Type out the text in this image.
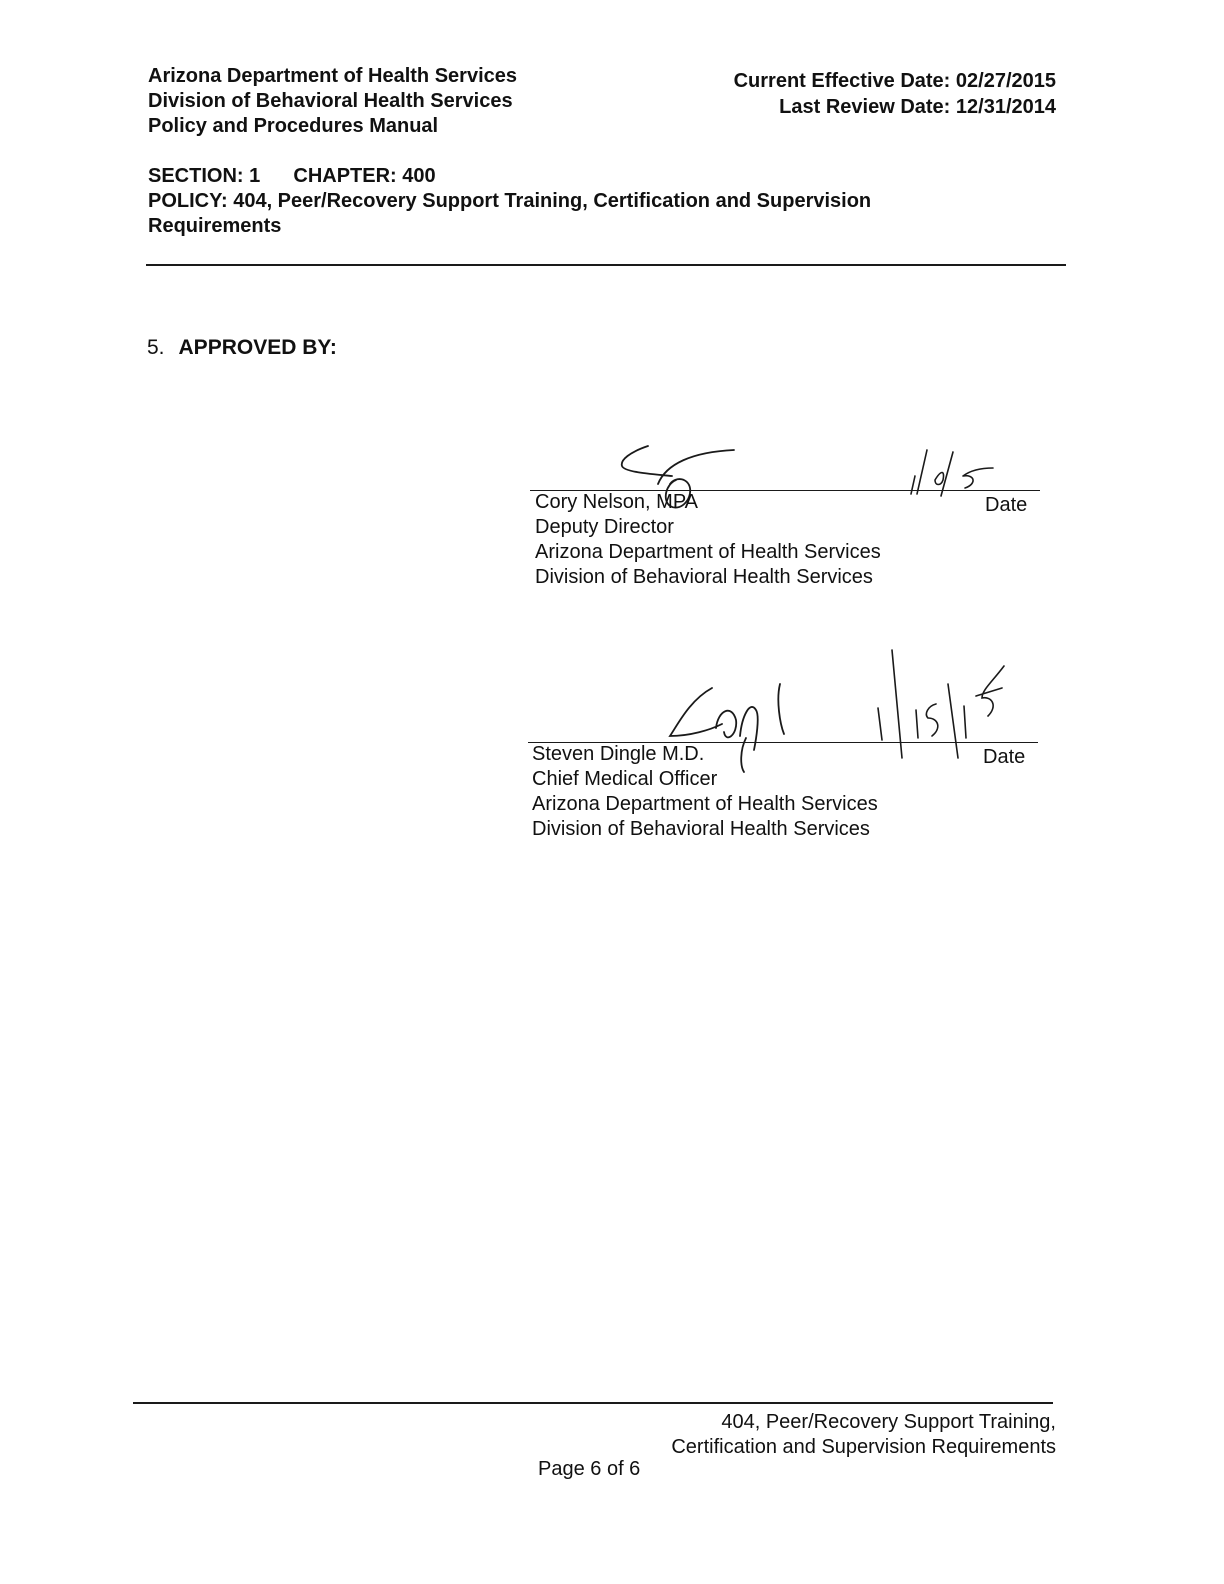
Arizona Department of Health Services
Division of Behavioral Health Services
Policy and Procedures Manual
Current Effective Date: 02/27/2015
Last Review Date: 12/31/2014
SECTION: 1 CHAPTER: 400
POLICY: 404, Peer/Recovery Support Training, Certification and Supervision
Requirements
5. APPROVED BY:
Date
Cory Nelson, MPA
Deputy Director
Arizona Department of Health Services
Division of Behavioral Health Services
Date
Steven Dingle M.D.
Chief Medical Officer
Arizona Department of Health Services
Division of Behavioral Health Services
404, Peer/Recovery Support Training,
Certification and Supervision Requirements
Page 6 of 6
